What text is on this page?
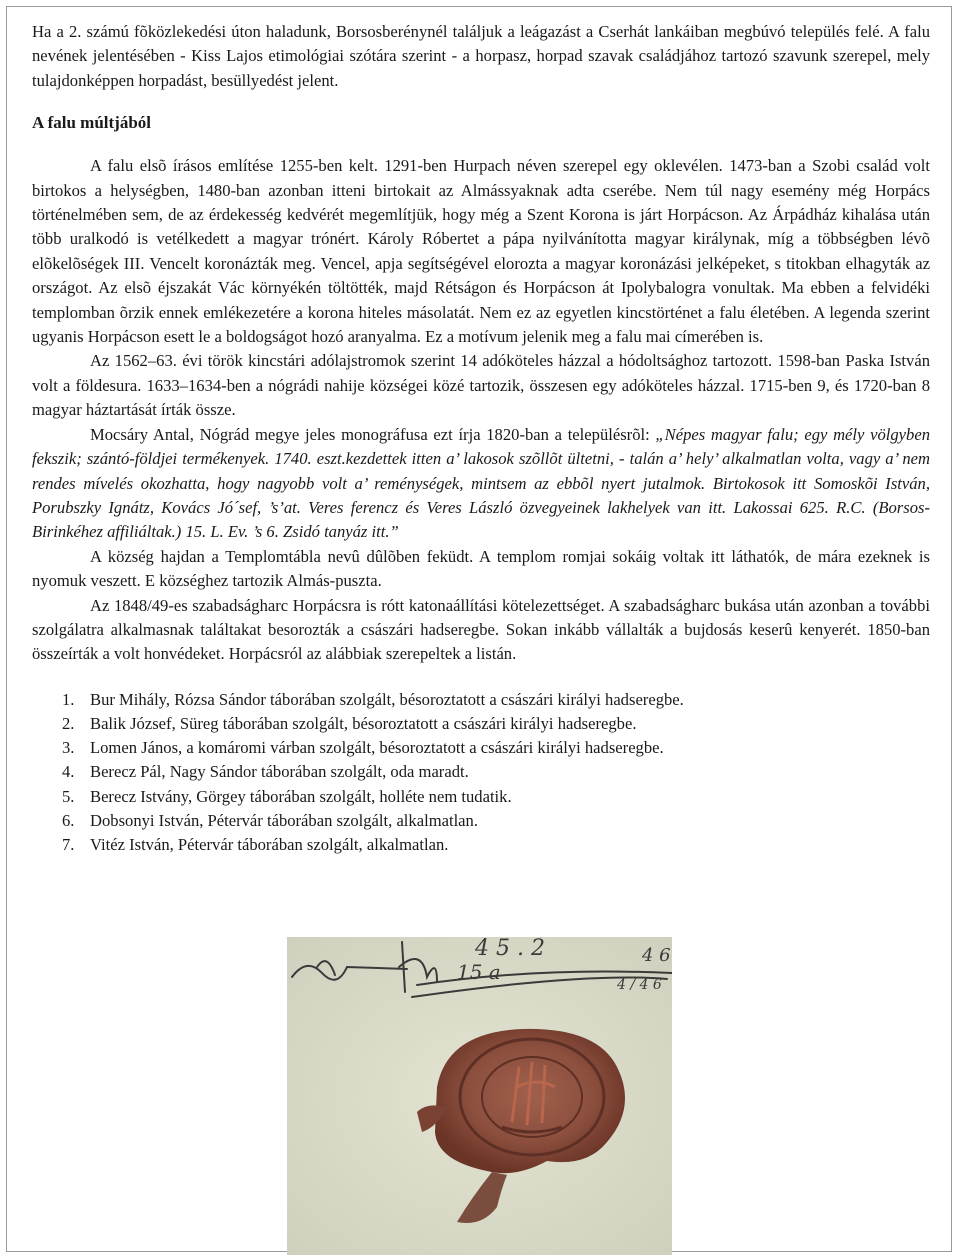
Ha a 2. számú fõközlekedési úton haladunk, Borsosberénynél találjuk a leágazást a Cserhát lankáiban megbúvó település felé. A falu nevének jelentésében - Kiss Lajos etimológiai szótára szerint - a horpasz, horpad szavak családjához tartozó szavunk szerepel, mely tulajdonképpen horpadást, besüllyedést jelent.

A falu múltjából

A falu elsõ írásos említése 1255-ben kelt. 1291-ben Hurpach néven szerepel egy oklevélen. 1473-ban a Szobi család volt birtokos a helységben, 1480-ban azonban itteni birtokait az Almássyaknak adta cserébe. Nem túl nagy esemény még Horpács történelmében sem, de az érdekesség kedvérét megemlítjük, hogy még a Szent Korona is járt Horpácson. Az Árpádház kihalása után több uralkodó is vetélkedett a magyar trónért. Károly Róbertet a pápa nyilvánította magyar királynak, míg a többségben lévõ elõkelõségek III. Vencelt koronázták meg. Vencel, apja segítségével elorozta a magyar koronázási jelképeket, s titokban elhagyták az országot. Az elsõ éjszakát Vác környékén töltötték, majd Rétságon és Horpácson át Ipolybalogra vonultak. Ma ebben a felvidéki templomban õrzik ennek emlékezetére a korona hiteles másolatát. Nem ez az egyetlen kincstörténet a falu életében. A legenda szerint ugyanis Horpácson esett le a boldogságot hozó aranyalma. Ez a motívum jelenik meg a falu mai címerében is.

Az 1562–63. évi török kincstári adólajstromok szerint 14 adóköteles házzal a hódoltsághoz tartozott. 1598-ban Paska István volt a földesura. 1633–1634-ben a nógrádi nahije községei közé tartozik, összesen egy adóköteles házzal. 1715-ben 9, és 1720-ban 8 magyar háztartását írták össze.

Mocsáry Antal, Nógrád megye jeles monográfusa ezt írja 1820-ban a településrõl: „Népes magyar falu; egy mély völgyben fekszik; szántó-földjei termékenyek. 1740. eszt.kezdettek itten a’ lakosok szõllõt ültetni, - talán a’ hely’ alkalmatlan volta, vagy a’ nem rendes mívelés okozhatta, hogy nagyobb volt a’ reménységek, mintsem az ebbõl nyert jutalmok. Birtokosok itt Somoskõi István, Porubszky Ignátz, Kovács Jó´sef, ’s’at. Veres ferencz és Veres László özvegyeinek lakhelyek van itt. Lakossai 625. R.C. (Borsos-Birinkéhez affiliáltak.) 15. L. Ev. ’s 6. Zsidó tanyáz itt.”

A község hajdan a Templomtábla nevû dûlõben feküdt. A templom romjai sokáig voltak itt láthatók, de mára ezeknek is nyomuk veszett. E községhez tartozik Almás-puszta.

Az 1848/49-es szabadságharc Horpácsra is rótt katonaállítási kötelezettséget. A szabadságharc bukása után azonban a további szolgálatra alkalmasnak találtakat besorozták a császári hadseregbe. Sokan inkább vállalták a bujdosás keserû kenyerét. 1850-ban összeírták a volt honvédeket. Horpácsról az alábbiak szerepeltek a listán.

1. Bur Mihály, Rózsa Sándor táborában szolgált, bésoroztatott a császári királyi hadseregbe.
2. Balik József, Süreg táborában szolgált, bésoroztatott a császári királyi hadseregbe.
3. Lomen János, a komáromi várban szolgált, bésoroztatott a császári királyi hadseregbe.
4. Berecz Pál, Nagy Sándor táborában szolgált, oda maradt.
5. Berecz Istvány, Görgey táborában szolgált, holléte nem tudatik.
6. Dobsonyi István, Pétervár táborában szolgált, alkalmatlan.
7. Vitéz István, Pétervár táborában szolgált, alkalmatlan.
4 5 . 2
15 a
4 6
4 / 4 6
